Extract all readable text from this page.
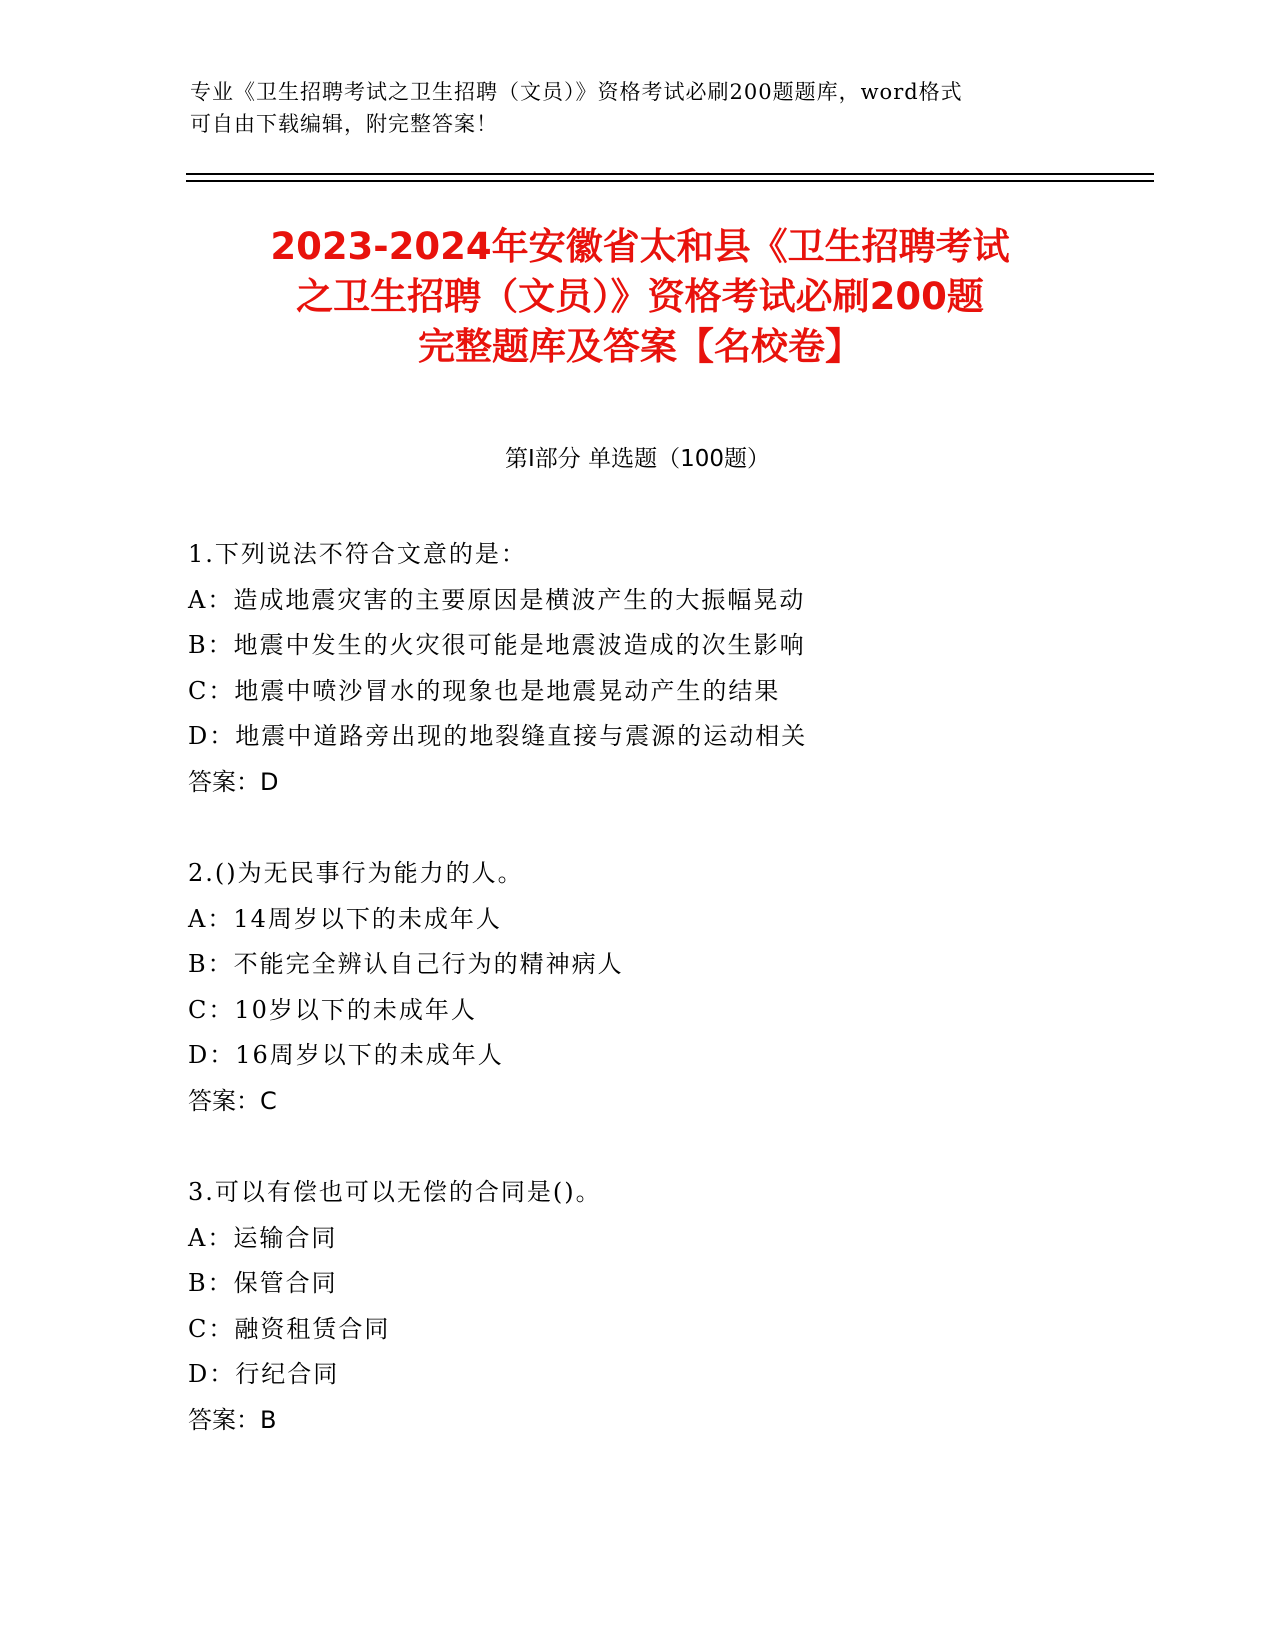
专业《卫生招聘考试之卫生招聘（文员）》资格考试必刷200题题库，word格式
可自由下载编辑，附完整答案！
2023-2024年安徽省太和县《卫生招聘考试
之卫生招聘（文员）》资格考试必刷200题
完整题库及答案【名校卷】
第Ⅰ部分 单选题（100题）
1.下列说法不符合文意的是：
A：造成地震灾害的主要原因是横波产生的大振幅晃动
B：地震中发生的火灾很可能是地震波造成的次生影响
C：地震中喷沙冒水的现象也是地震晃动产生的结果
D：地震中道路旁出现的地裂缝直接与震源的运动相关
答案：D
2.()为无民事行为能力的人。
A：14周岁以下的未成年人
B：不能完全辨认自己行为的精神病人
C：10岁以下的未成年人
D：16周岁以下的未成年人
答案：C
3.可以有偿也可以无偿的合同是()。
A：运输合同
B：保管合同
C：融资租赁合同
D：行纪合同
答案：B
